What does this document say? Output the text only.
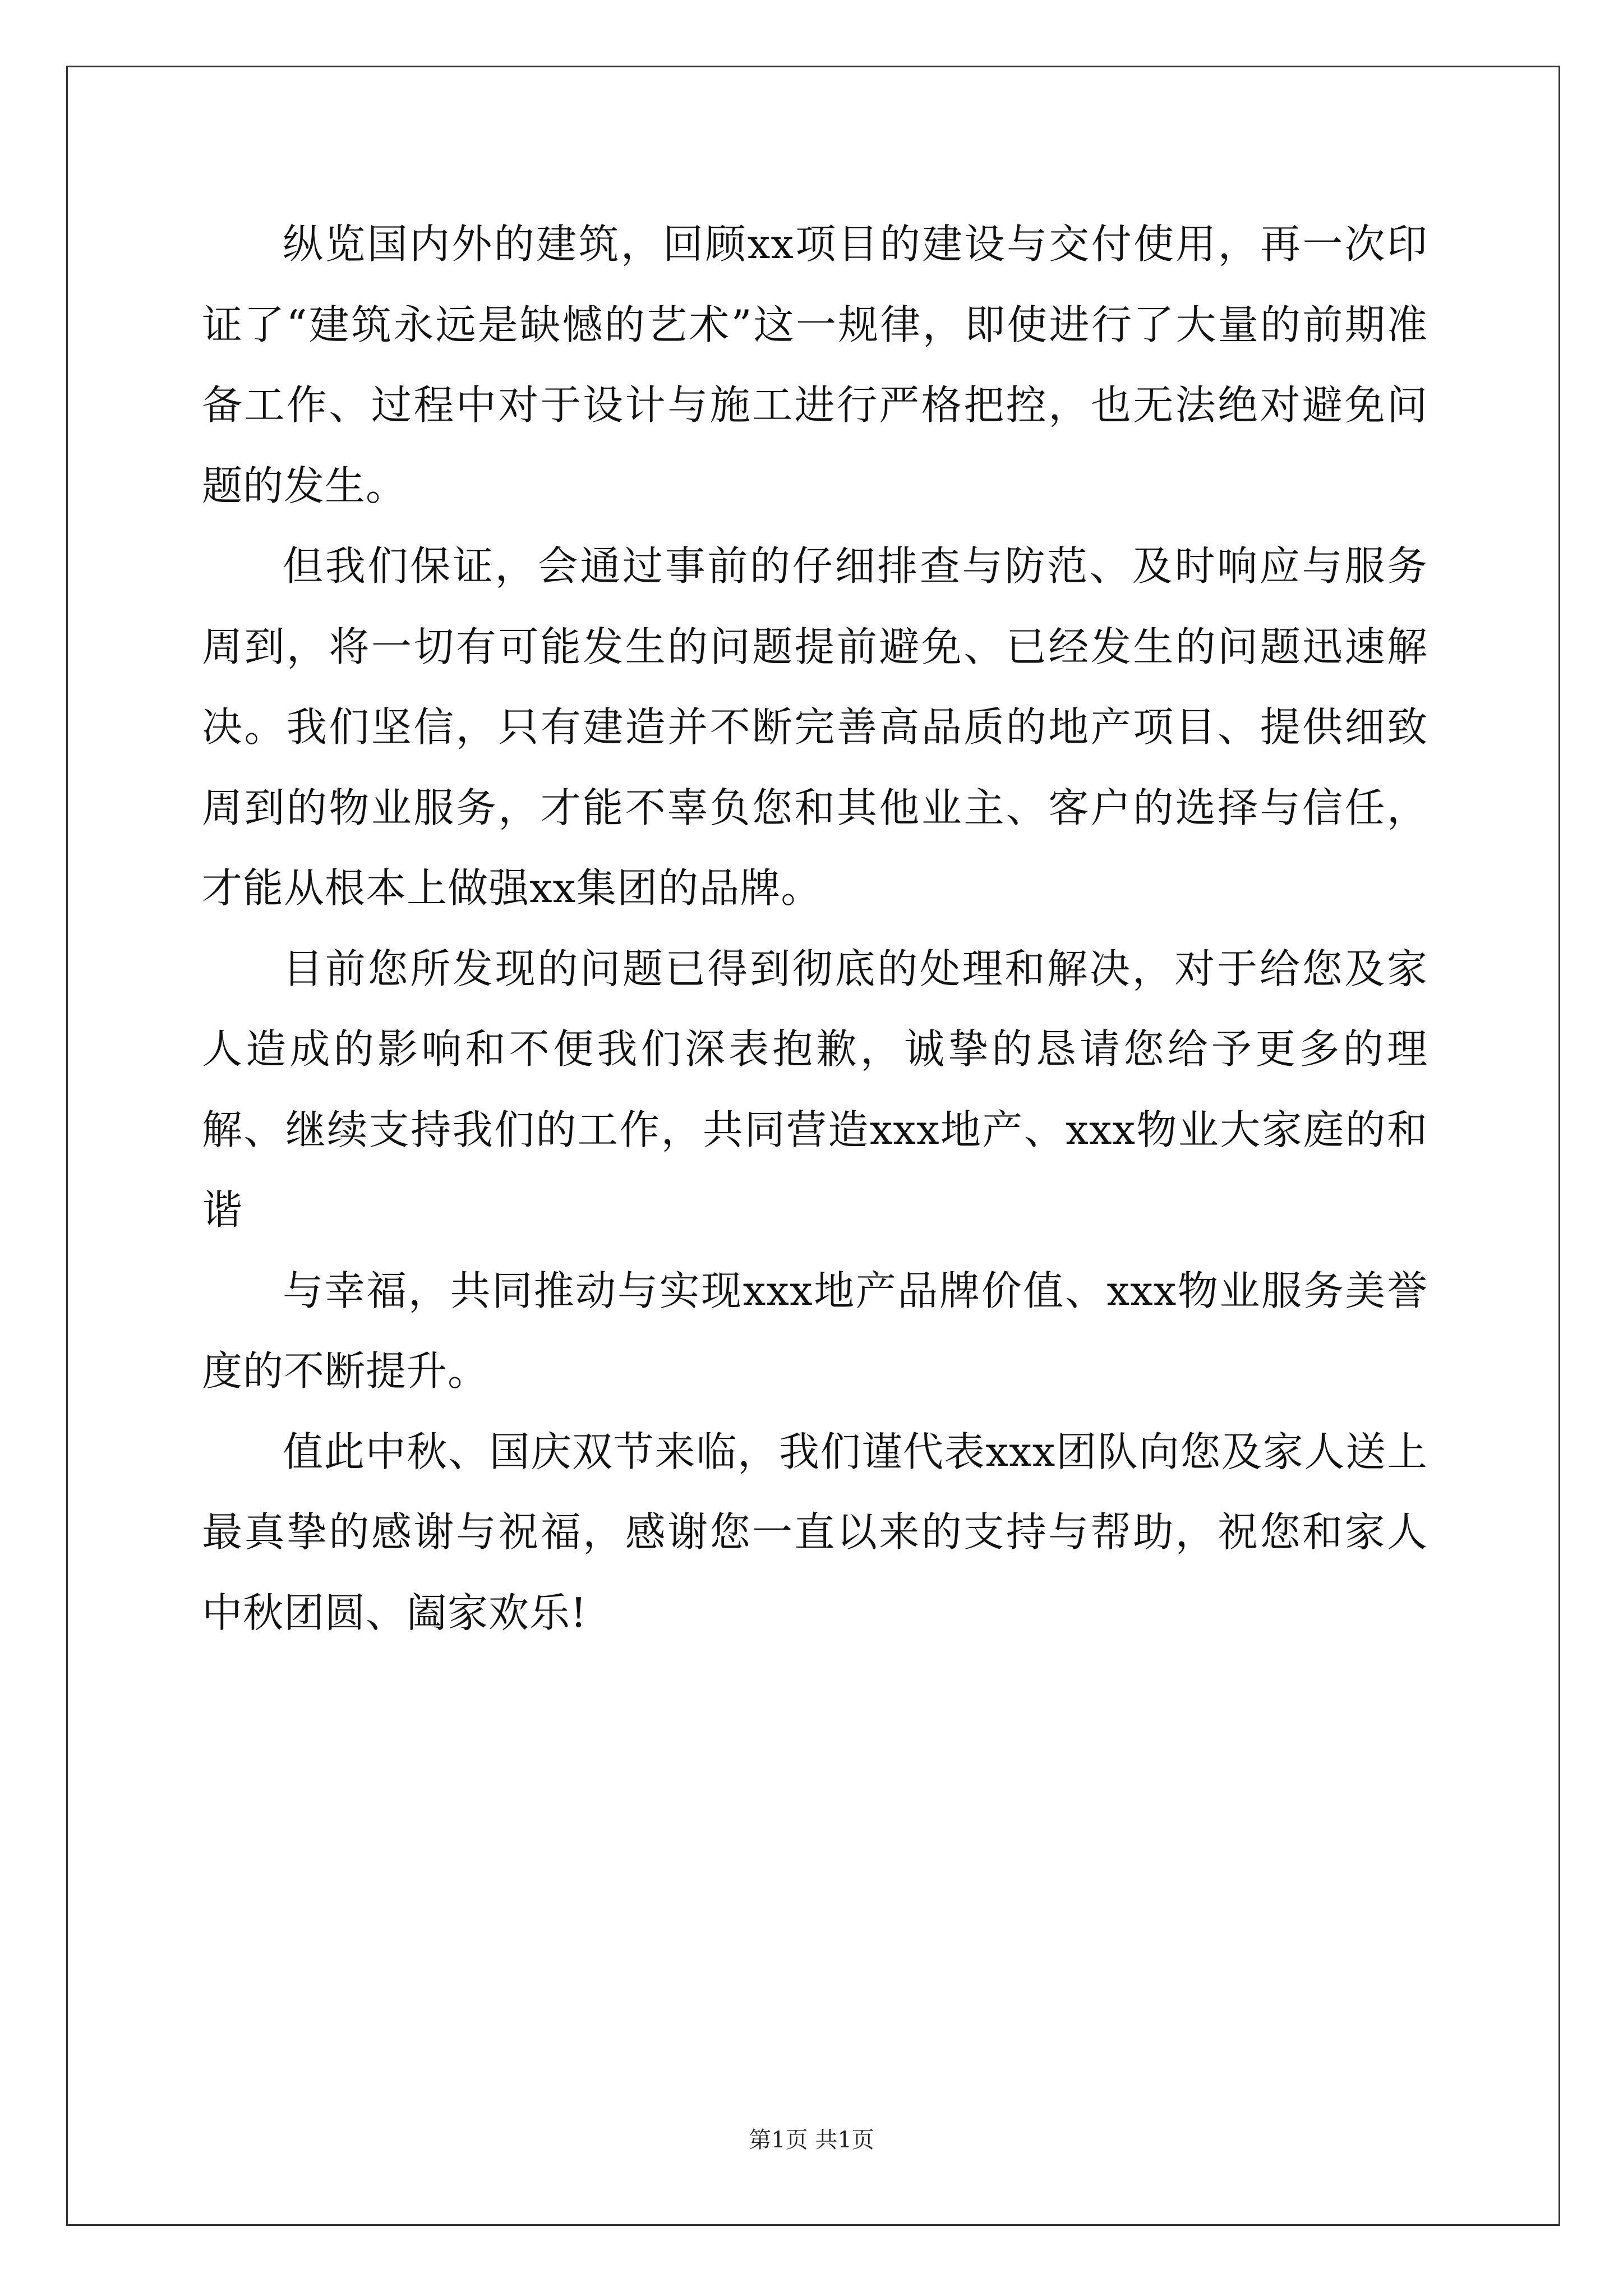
纵览国内外的建筑，回顾xx项目的建设与交付使用，再一次印证了“建筑永远是缺憾的艺术”这一规律，即使进行了大量的前期准备工作、过程中对于设计与施工进行严格把控，也无法绝对避免问题的发生。

但我们保证，会通过事前的仔细排查与防范、及时响应与服务周到，将一切有可能发生的问题提前避免、已经发生的问题迅速解决。我们坚信，只有建造并不断完善高品质的地产项目、提供细致周到的物业服务，才能不辜负您和其他业主、客户的选择与信任，才能从根本上做强xx集团的品牌。

目前您所发现的问题已得到彻底的处理和解决，对于给您及家人造成的影响和不便我们深表抱歉，诚挚的恳请您给予更多的理解、继续支持我们的工作，共同营造xxx地产、xxx物业大家庭的和谐

与幸福，共同推动与实现xxx地产品牌价值、xxx物业服务美誉度的不断提升。

值此中秋、国庆双节来临，我们谨代表xxx团队向您及家人送上最真挚的感谢与祝福，感谢您一直以来的支持与帮助，祝您和家人中秋团圆、阖家欢乐!

第1页 共1页
